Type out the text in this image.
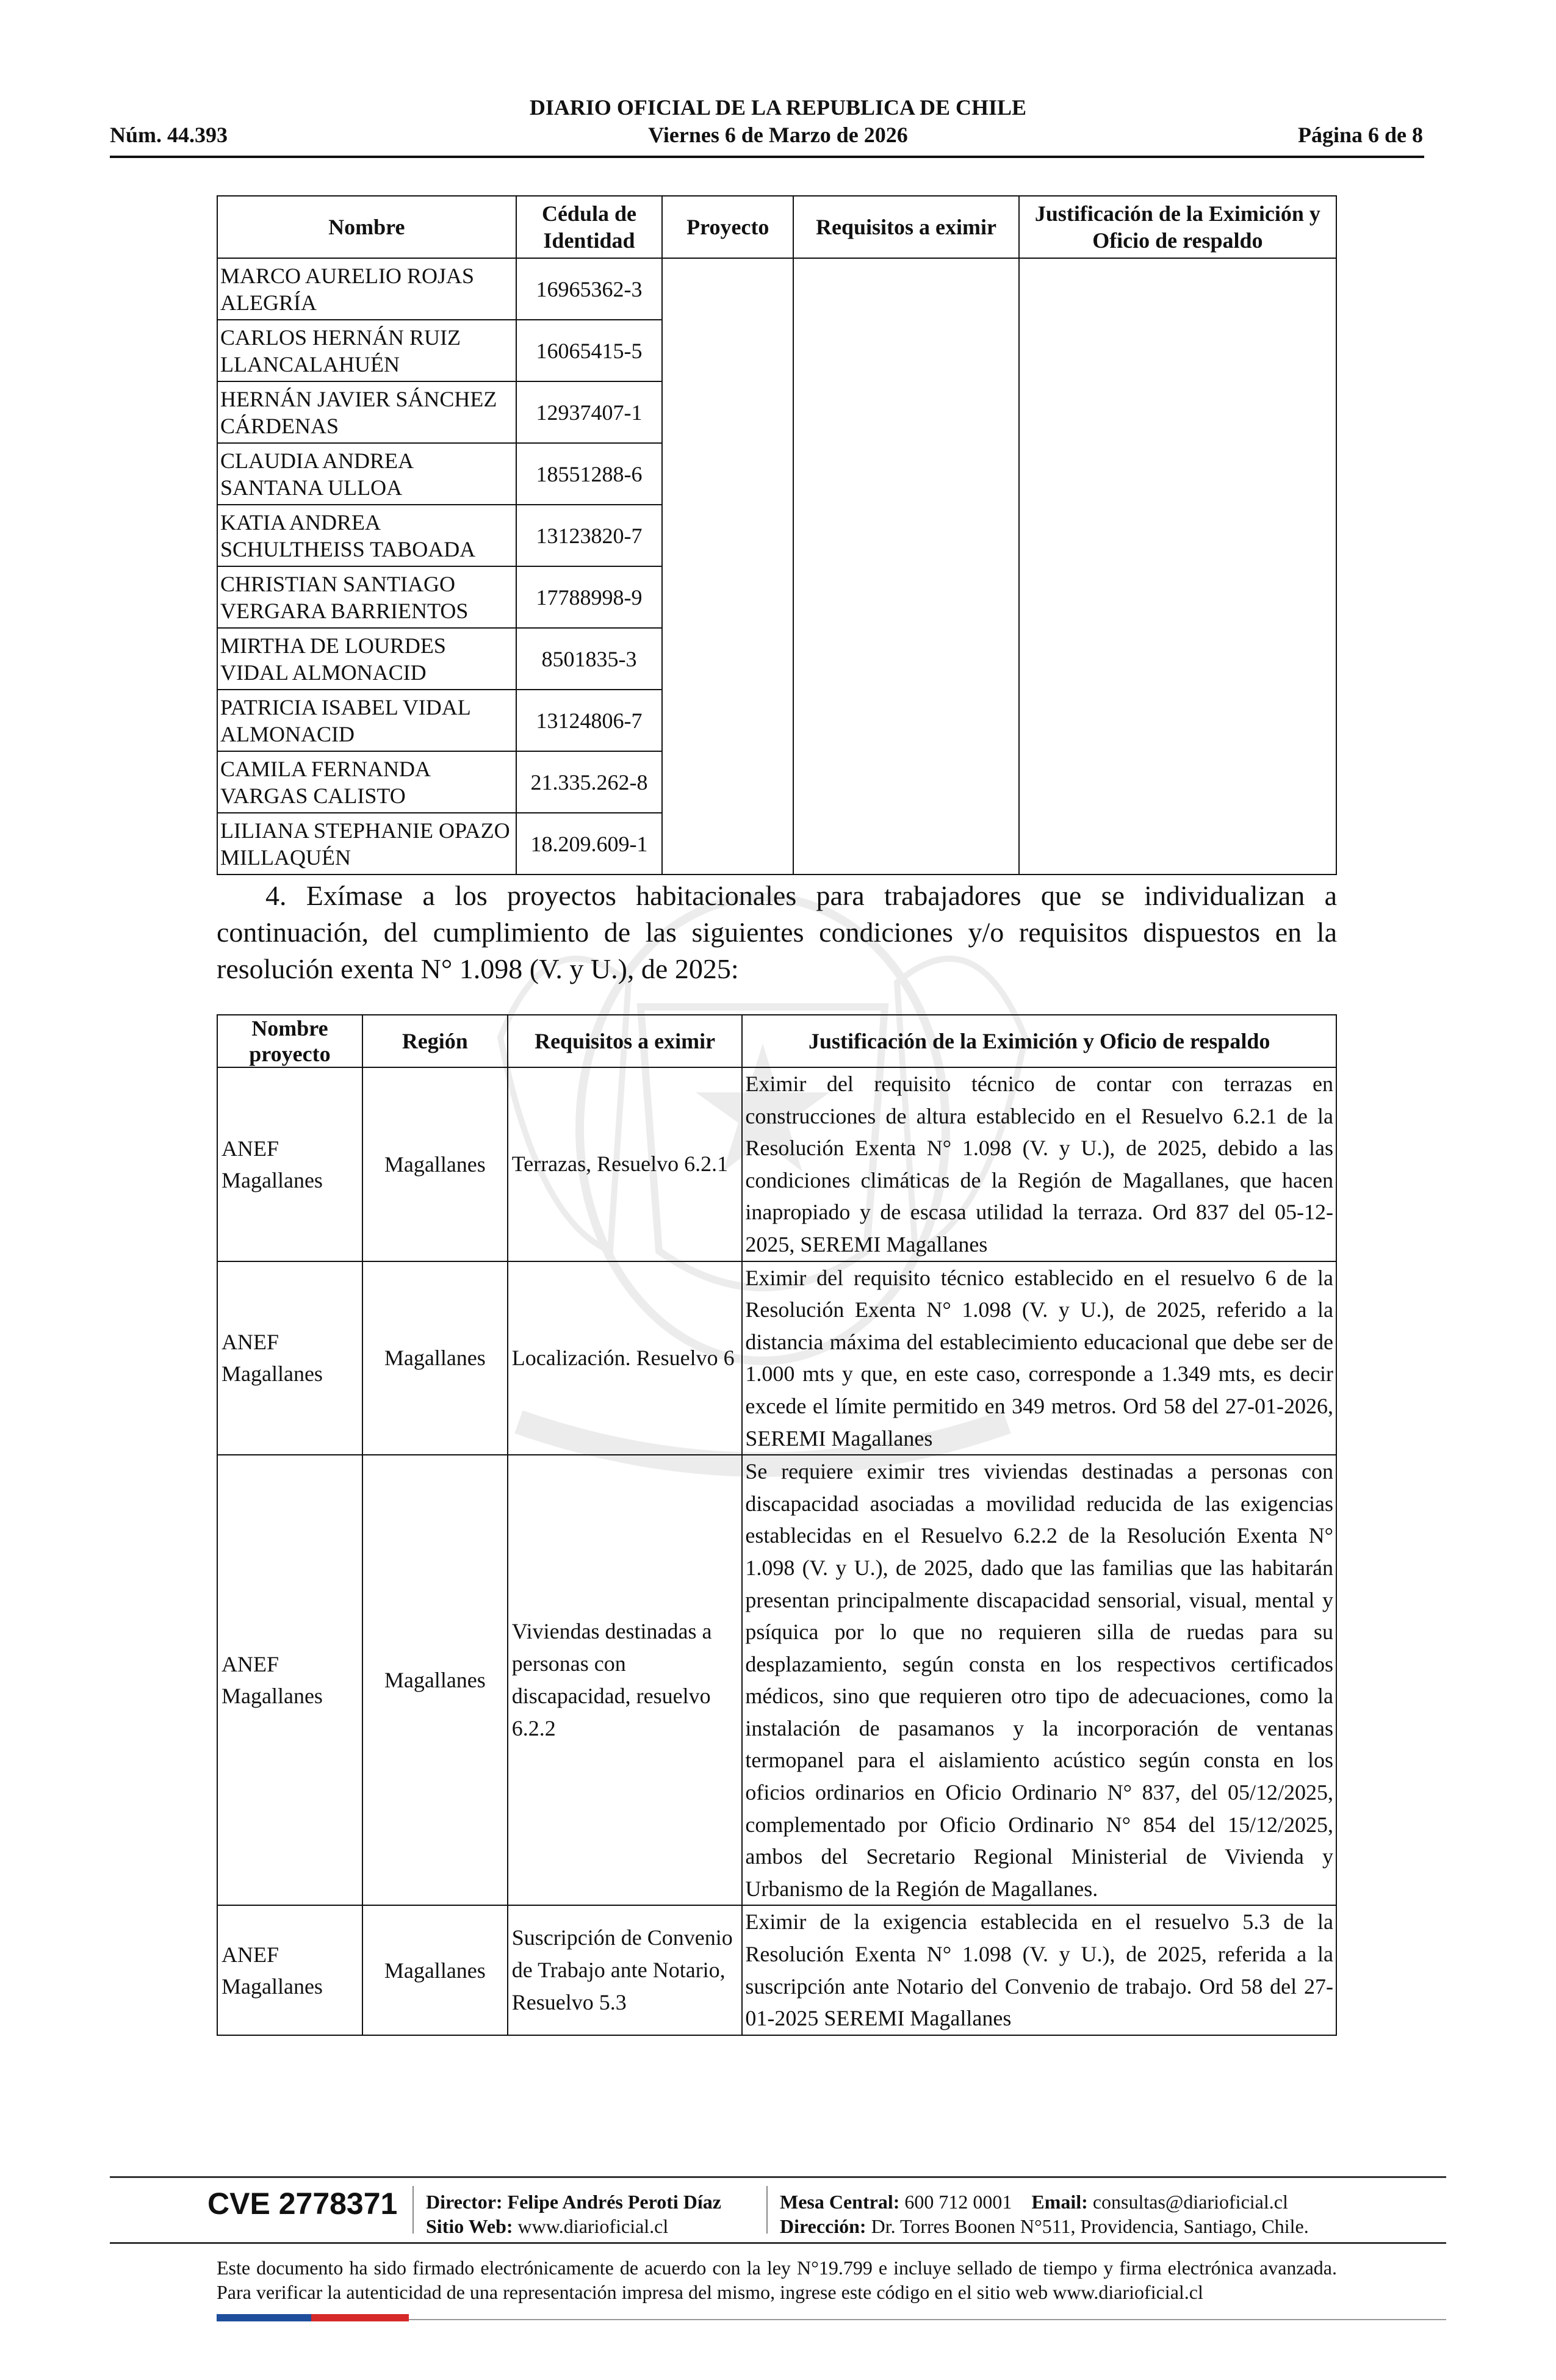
DIARIO OFICIAL DE LA REPUBLICA DE CHILE
Núm. 44.393	Viernes 6 de Marzo de 2026	Página 6 de 8
Nombre	Cédula de Identidad	Proyecto	Requisitos a eximir	Justificación de la Eximición y Oficio de respaldo
MARCO AURELIO ROJAS ALEGRÍA	16965362-3			
CARLOS HERNÁN RUIZ LLANCALAHUÉN	16065415-5			
HERNÁN JAVIER SÁNCHEZ CÁRDENAS	12937407-1			
CLAUDIA ANDREA SANTANA ULLOA	18551288-6			
KATIA ANDREA SCHULTHEISS TABOADA	13123820-7			
CHRISTIAN SANTIAGO VERGARA BARRIENTOS	17788998-9			
MIRTHA DE LOURDES VIDAL ALMONACID	8501835-3			
PATRICIA ISABEL VIDAL ALMONACID	13124806-7			
CAMILA FERNANDA VARGAS CALISTO	21.335.262-8			
LILIANA STEPHANIE OPAZO MILLAQUÉN	18.209.609-1			
4. Exímase a los proyectos habitacionales para trabajadores que se individualizan a continuación, del cumplimiento de las siguientes condiciones y/o requisitos dispuestos en la resolución exenta N° 1.098 (V. y U.), de 2025:
Nombre proyecto	Región	Requisitos a eximir	Justificación de la Eximición y Oficio de respaldo
ANEF Magallanes	Magallanes	Terrazas, Resuelvo 6.2.1	Eximir del requisito técnico de contar con terrazas en construcciones de altura establecido en el Resuelvo 6.2.1 de la Resolución Exenta N° 1.098 (V. y U.), de 2025, debido a las condiciones climáticas de la Región de Magallanes, que hacen inapropiado y de escasa utilidad la terraza. Ord 837 del 05-12-2025, SEREMI Magallanes
ANEF Magallanes	Magallanes	Localización. Resuelvo 6	Eximir del requisito técnico establecido en el resuelvo 6 de la Resolución Exenta N° 1.098 (V. y U.), de 2025, referido a la distancia máxima del establecimiento educacional que debe ser de 1.000 mts y que, en este caso, corresponde a 1.349 mts, es decir excede el límite permitido en 349 metros. Ord 58 del 27-01-2026, SEREMI Magallanes
ANEF Magallanes	Magallanes	Viviendas destinadas a personas con discapacidad, resuelvo 6.2.2	Se requiere eximir tres viviendas destinadas a personas con discapacidad asociadas a movilidad reducida de las exigencias establecidas en el Resuelvo 6.2.2 de la Resolución Exenta N° 1.098 (V. y U.), de 2025, dado que las familias que las habitarán presentan principalmente discapacidad sensorial, visual, mental y psíquica por lo que no requieren silla de ruedas para su desplazamiento, según consta en los respectivos certificados médicos, sino que requieren otro tipo de adecuaciones, como la instalación de pasamanos y la incorporación de ventanas termopanel para el aislamiento acústico según consta en los oficios ordinarios en Oficio Ordinario N° 837, del 05/12/2025, complementado por Oficio Ordinario N° 854 del 15/12/2025, ambos del Secretario Regional Ministerial de Vivienda y Urbanismo de la Región de Magallanes.
ANEF Magallanes	Magallanes	Suscripción de Convenio de Trabajo ante Notario, Resuelvo 5.3	Eximir de la exigencia establecida en el resuelvo 5.3 de la Resolución Exenta N° 1.098 (V. y U.), de 2025, referida a la suscripción ante Notario del Convenio de trabajo. Ord 58 del 27-01-2025 SEREMI Magallanes
CVE 2778371 Director: Felipe Andrés Peroti Díaz
Sitio Web: www.diarioficial.cl
Mesa Central: 600 712 0001 Email: consultas@diarioficial.cl
Dirección: Dr. Torres Boonen N°511, Providencia, Santiago, Chile.
Este documento ha sido firmado electrónicamente de acuerdo con la ley N°19.799 e incluye sellado de tiempo y firma electrónica avanzada. Para verificar la autenticidad de una representación impresa del mismo, ingrese este código en el sitio web www.diarioficial.cl
